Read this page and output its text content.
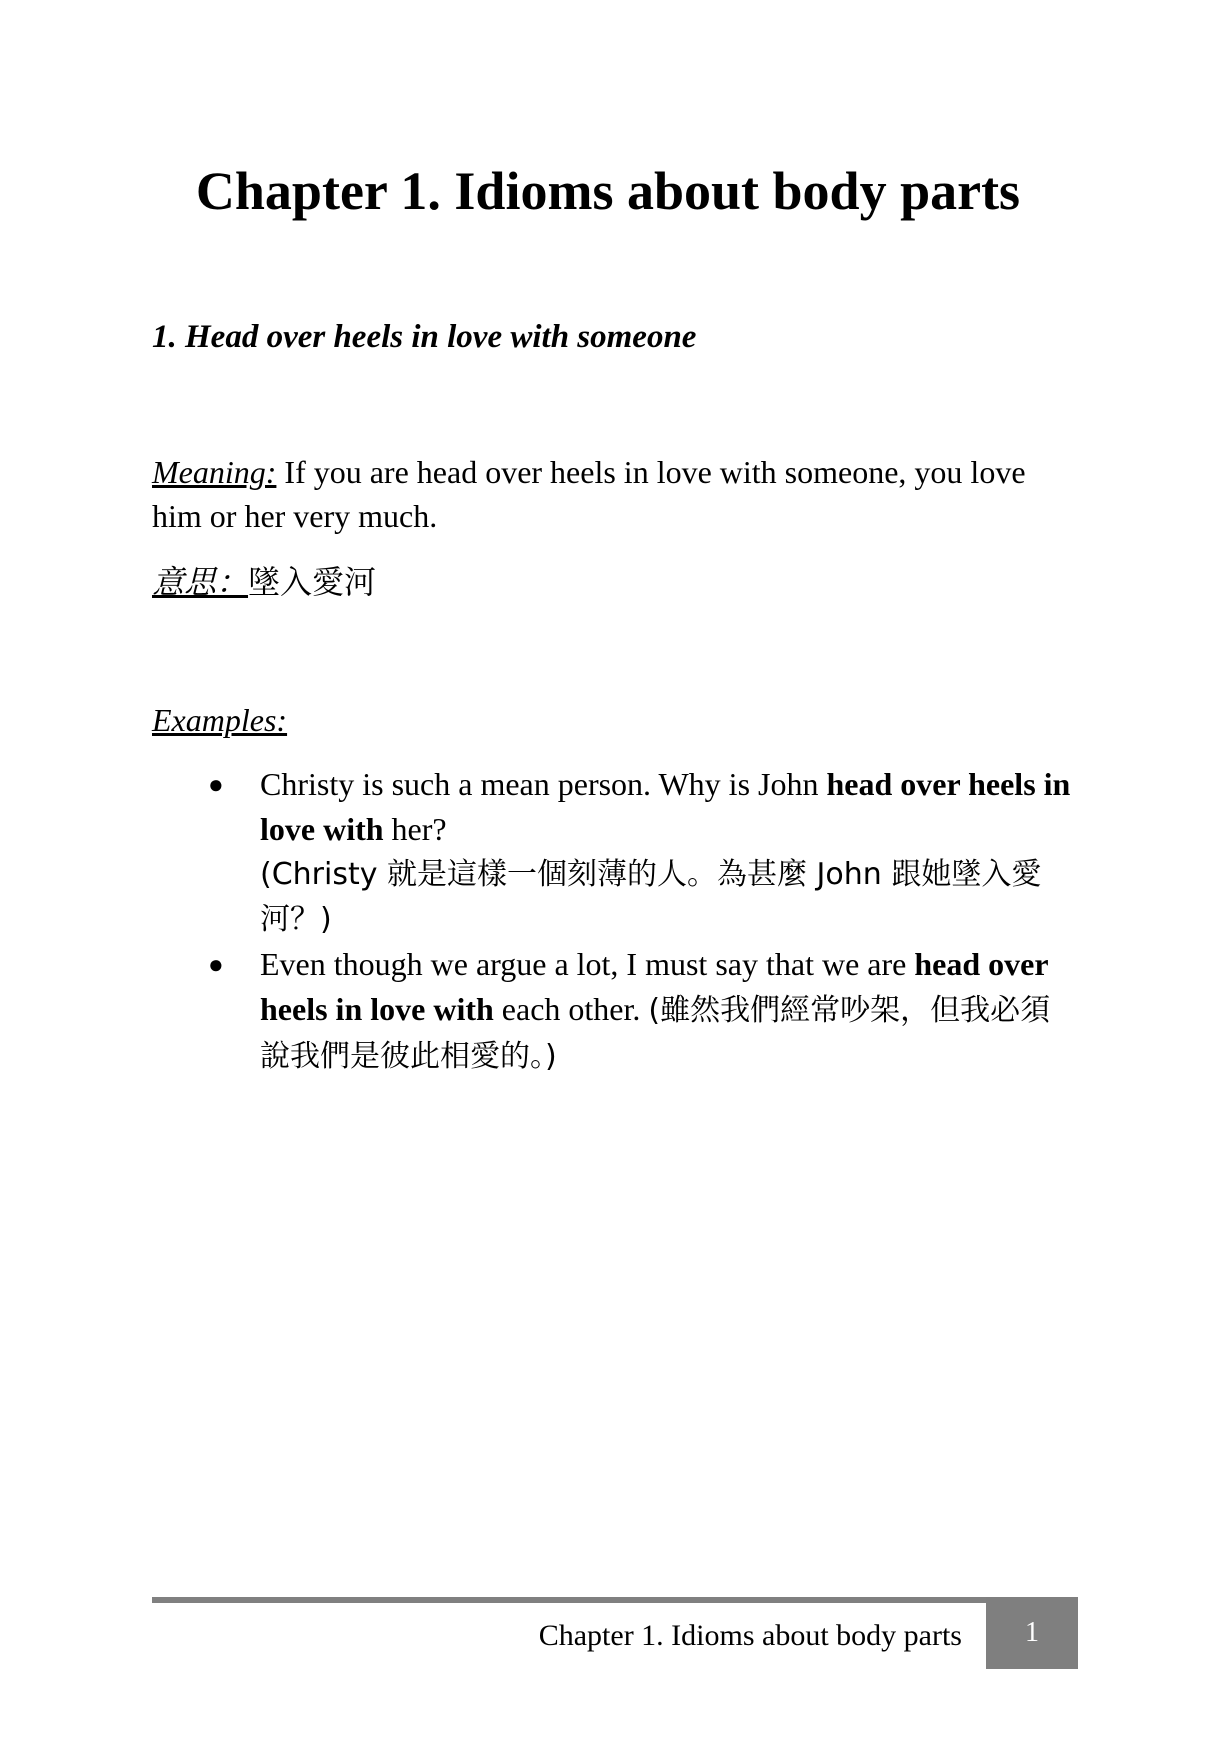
Chapter 1. Idioms about body parts
1. Head over heels in love with someone

Meaning: If you are head over heels in love with someone, you love him or her very much.

意思：墜入愛河

Examples:

● Christy is such a mean person. Why is John head over heels in love with her?
(Christy 就是這樣一個刻薄的人。為甚麼 John 跟她墜入愛河？)
● Even though we argue a lot, I must say that we are head over heels in love with each other. (雖然我們經常吵架，但我必須說我們是彼此相愛的。)
Chapter 1. Idioms about body parts	1
